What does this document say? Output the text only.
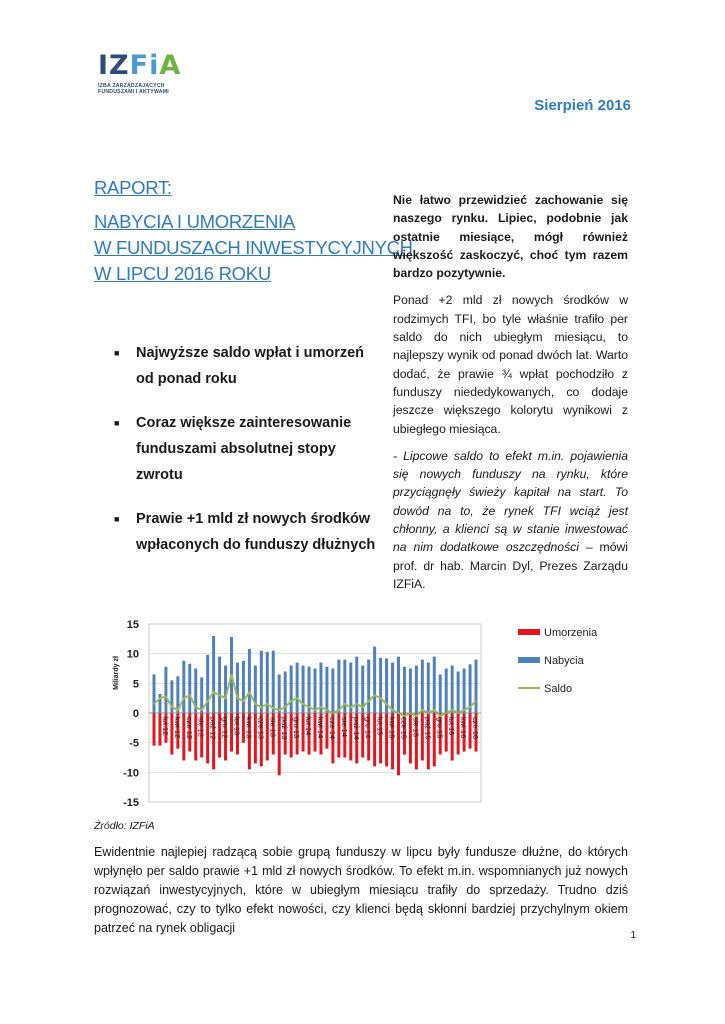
IZFiA
IZBA ZARZĄDZAJĄCYCH
FUNDUSZAMI I AKTYWAMI
Sierpień 2016
RAPORT:
NABYCIA I UMORZENIA
W FUNDUSZACH INWESTYCYJNYCH
W LIPCU 2016 ROKU
■	Najwyższe saldo wpłat i umorzeń od ponad roku
■	Coraz większe zainteresowanie funduszami absolutnej stopy zwrotu
■	Prawie +1 mld zł nowych środków wpłaconych do funduszy dłużnych

Nie łatwo przewidzieć zachowanie się naszego rynku. Lipiec, podobnie jak ostatnie miesiące, mógł również większość zaskoczyć, choć tym razem bardzo pozytywnie.

Ponad +2 mld zł nowych środków w rodzimych TFI, bo tyle właśnie trafiło per saldo do nich ubiegłym miesiącu, to najlepszy wynik od ponad dwóch lat. Warto dodać, że prawie ¾ wpłat pochodziło z funduszy niededykowanych, co dodaje jeszcze większego kolorytu wynikowi z ubiegłego miesiąca.

- Lipcowe saldo to efekt m.in. pojawienia się nowych funduszy na rynku, które przyciągnęły świeży kapitał na start. To dowód na to, że rynek TFI wciąż jest chłonny, a klienci są w stanie inwestować na nim dodatkowe oszczędności – mówi prof. dr hab. Marcin Dyl, Prezes Zarządu IZFiA.

15
10
5
0
-5
-10
-15
Miliardy zł
lut 12 kwi 12 cze 12 sie 12 paź 12 gru 12 lut 13 kwi 13 cze 13 sie 13 paź 13 gru 13 lut 14 kwi 14 cze 14 sie 14 paź 14 gru 14 lut 15 kwi 15 cze 15 sie 15 paź 15 gru 15 lut 16 kwi 16 cze 16
Umorzenia
Nabycia
Saldo
Źródło: IZFiA
Ewidentnie najlepiej radzącą sobie grupą funduszy w lipcu były fundusze dłużne, do których wpłynęło per saldo prawie +1 mld zł nowych środków. To efekt m.in. wspomnianych już nowych rozwiązań inwestycyjnych, które w ubiegłym miesiącu trafiły do sprzedaży. Trudno dziś prognozować, czy to tylko efekt nowości, czy klienci będą skłonni bardziej przychylnym okiem patrzeć na rynek obligacji
1
